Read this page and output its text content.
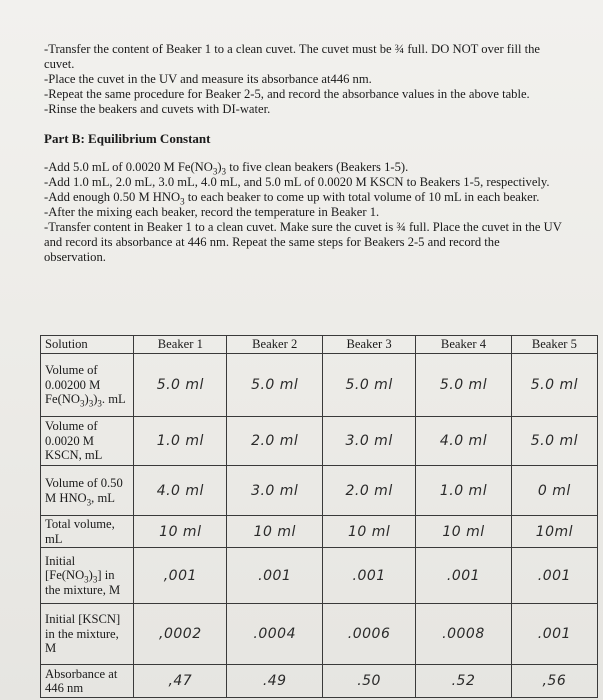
-Transfer the content of Beaker 1 to a clean cuvet. The cuvet must be ¾ full. DO NOT over fill the cuvet.

-Place the cuvet in the UV and measure its absorbance at446 nm.

-Repeat the same procedure for Beaker 2-5, and record the absorbance values in the above table.

-Rinse the beakers and cuvets with DI-water.

Part B: Equilibrium Constant

-Add 5.0 mL of 0.0020 M $Fe(NO_3)_3$ to five clean beakers (Beakers 1-5).

-Add 1.0 mL, 2.0 mL, 3.0 mL, 4.0 mL, and 5.0 mL of 0.0020 M KSCN to Beakers 1-5, respectively.

-Add enough 0.50 M $HNO_3$ to each beaker to come up with total volume of 10 mL in each beaker.

-After the mixing each beaker, record the temperature in Beaker 1.

-Transfer content in Beaker 1 to a clean cuvet. Make sure the cuvet is ¾ full. Place the cuvet in the UV and record its absorbance at 446 nm. Repeat the same steps for Beakers 2-5 and record the observation.

Solution	Beaker 1	Beaker 2	Beaker 3	Beaker 4	Beaker 5
Volume of 0.00200 M $Fe(NO_3)_3)_3$. mL	5.0 ml	5.0 ml	5.0 ml	5.0 ml	5.0 ml
Volume of 0.0020 M KSCN, mL	1.0 ml	2.0 ml	3.0 ml	4.0 ml	5.0 ml
Volume of 0.50 M $HNO_3$, mL	4.0 ml	3.0 ml	2.0 ml	1.0 ml	0 ml
Total volume, mL	10 ml	10 ml	10 ml	10 ml	10ml
Initial $[Fe(NO_3)_3]$ in the mixture, M	,001	.001	.001	.001	.001
Initial [KSCN] in the mixture, M	,0002	.0004	.0006	.0008	.001
Absorbance at 446 nm	,47	.49	.50	.52	,56
